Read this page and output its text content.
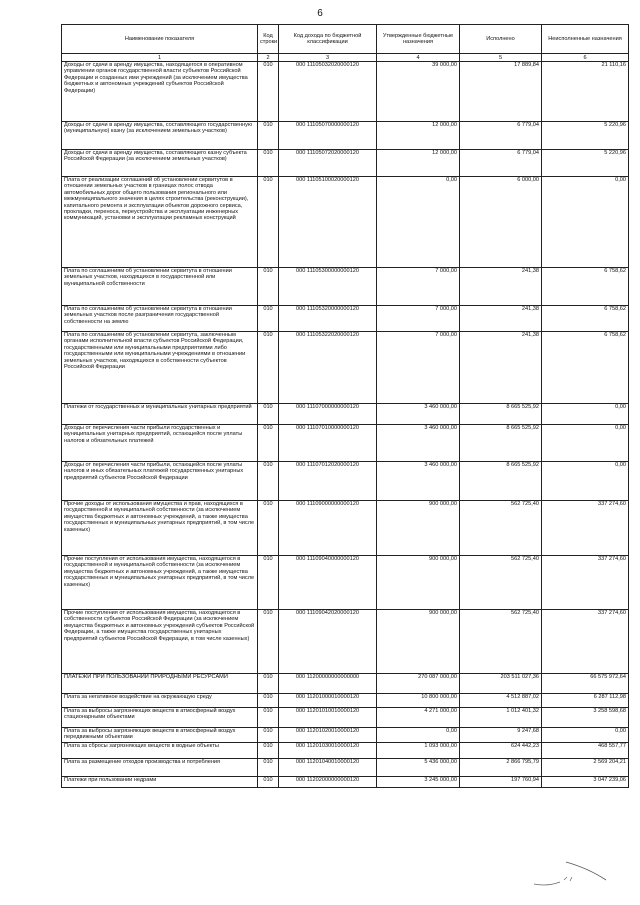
6
Наименование показателя	Код строки	Код дохода по бюджетной классификации	Утвержденные бюджетные назначения	Исполнено	Неисполненные назначения
1	2	3	4	5	6
Доходы от сдачи в аренду имущества, находящегося в оперативном управлении органов государственной власти субъектов Российской Федерации и созданных ими учреждений (за исключением имущества бюджетных и автономных учреждений субъектов Российской Федерации)	010	000 11105032020000120	39 000,00	17 889,84	21 110,16
Доходы от сдачи в аренду имущества, составляющего государственную (муниципальную) казну (за исключением земельных участков)	010	000 11105070000000120	12 000,00	6 779,04	5 220,96
Доходы от сдачи в аренду имущества, составляющего казну субъекта Российской Федерации (за исключением земельных участков)	010	000 11105072020000120	12 000,00	6 779,04	5 220,96
Плата от реализации соглашений об установлении сервитутов в отношении земельных участков в границах полос отвода автомобильных дорог общего пользования регионального или межмуниципального значения в целях строительства (реконструкции), капитального ремонта и эксплуатации объектов дорожного сервиса, прокладки, переноса, переустройства и эксплуатации инженерных коммуникаций, установки и эксплуатации рекламных конструкций	010	000 11105100020000120	0,00	6 000,00	0,00
Плата по соглашениям об установлении сервитута в отношении земельных участков, находящихся в государственной или муниципальной собственности	010	000 11105300000000120	7 000,00	241,38	6 758,62
Плата по соглашениям об установлении сервитута в отношении земельных участков после разграничения государственной собственности на землю	010	000 11105320000000120	7 000,00	241,38	6 758,62
Плата по соглашениям об установлении сервитута, заключенным органами исполнительной власти субъектов Российской Федерации, государственными или муниципальными предприятиями либо государственными или муниципальными учреждениями в отношении земельных участков, находящихся в собственности субъектов Российской Федерации	010	000 11105322020000120	7 000,00	241,38	6 758,62
Платежи от государственных и муниципальных унитарных предприятий	010	000 11107000000000120	3 460 000,00	8 665 525,92	0,00
Доходы от перечисления части прибыли государственных и муниципальных унитарных предприятий, остающейся после уплаты налогов и обязательных платежей	010	000 11107010000000120	3 460 000,00	8 665 525,92	0,00
Доходы от перечисления части прибыли, остающейся после уплаты налогов и иных обязательных платежей государственных унитарных предприятий субъектов Российской Федерации	010	000 11107012020000120	3 460 000,00	8 665 525,92	0,00
Прочие доходы от использования имущества и прав, находящихся в государственной и муниципальной собственности (за исключением имущества бюджетных и автономных учреждений, а также имущества государственных и муниципальных унитарных предприятий, в том числе казенных)	010	000 11109000000000120	900 000,00	562 725,40	337 274,60
Прочие поступления от использования имущества, находящегося в государственной и муниципальной собственности (за исключением имущества бюджетных и автономных учреждений, а также имущества государственных и муниципальных унитарных предприятий, в том числе казенных)	010	000 11109040000000120	900 000,00	562 725,40	337 274,60
Прочие поступления от использования имущества, находящегося в собственности субъектов Российской Федерации (за исключением имущества бюджетных и автономных учреждений субъектов Российской Федерации, а также имущества государственных унитарных предприятий субъектов Российской Федерации, в том числе казенных)	010	000 11109042020000120	900 000,00	562 725,40	337 274,60
ПЛАТЕЖИ ПРИ ПОЛЬЗОВАНИИ ПРИРОДНЫМИ РЕСУРСАМИ	010	000 11200000000000000	270 087 000,00	203 511 027,36	66 575 972,64
Плата за негативное воздействие на окружающую среду	010	000 11201000010000120	10 800 000,00	4 512 887,02	6 287 112,98
Плата за выбросы загрязняющих веществ в атмосферный воздух стационарными объектами	010	000 11201010010000120	4 271 000,00	1 012 401,32	3 258 598,68
Плата за выбросы загрязняющих веществ в атмосферный воздух передвижными объектами	010	000 11201020010000120	0,00	9 247,68	0,00
Плата за сбросы загрязняющих веществ в водные объекты	010	000 11201030010000120	1 093 000,00	624 442,23	468 557,77
Плата за размещение отходов производства и потребления	010	000 11201040010000120	5 436 000,00	2 866 795,79	2 569 204,21
Платежи при пользовании недрами	010	000 11202000000000120	3 245 000,00	197 760,94	3 047 239,06
